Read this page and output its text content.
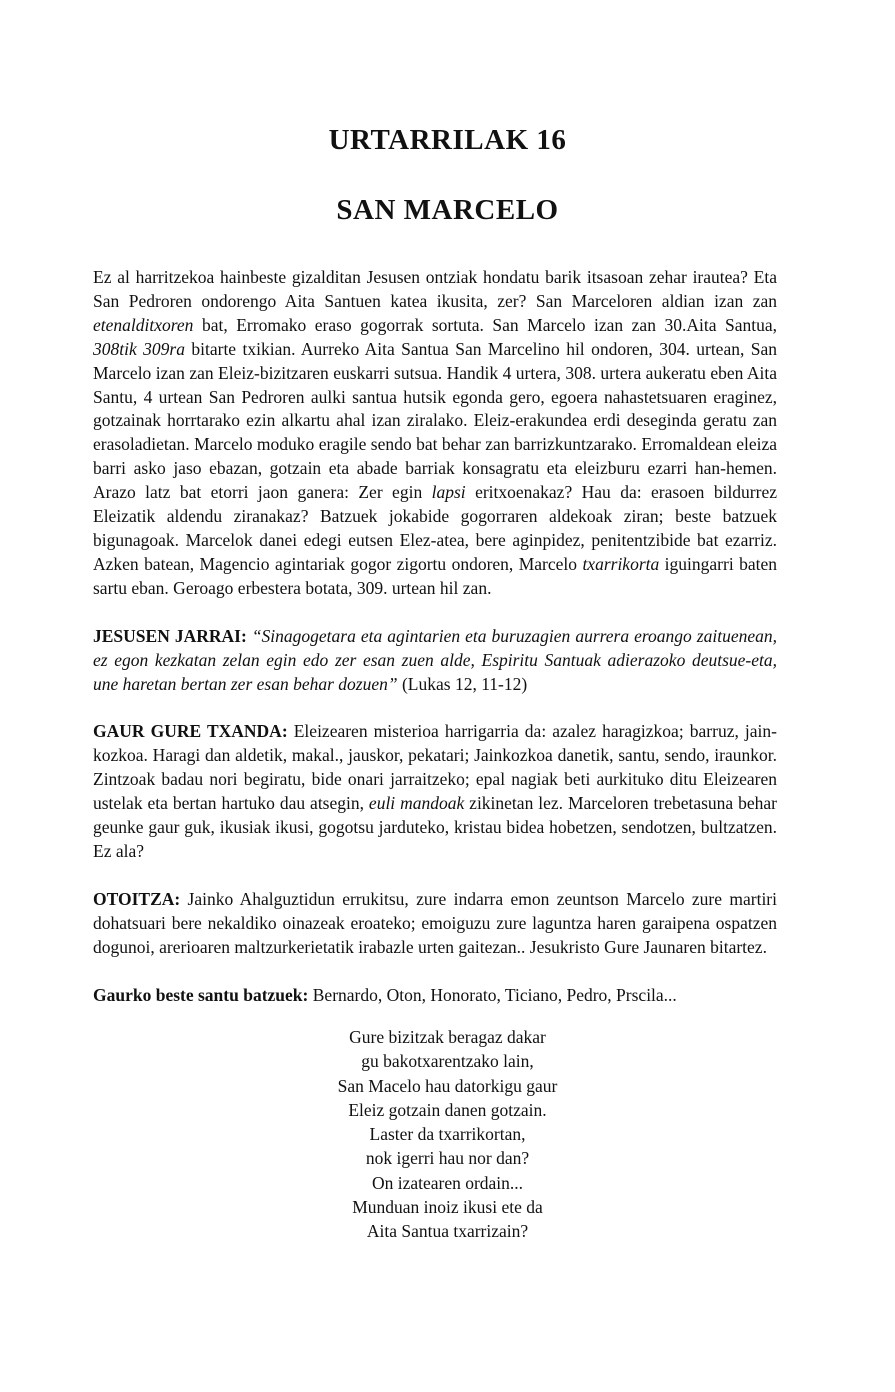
URTARRILAK 16
SAN MARCELO

Ez al harritzekoa hainbeste gizalditan Jesusen ontziak hondatu barik itsasoan zehar irautea? Eta San Pedroren ondorengo Aita Santuen katea ikusita, zer? San Marceloren aldian izan zan etenalditxoren bat, Erromako eraso gogorrak sortuta. San Marcelo izan zan 30.Aita Santua, 308tik 309ra bitarte txikian. Aurreko Aita Santua San Marcelino hil ondoren, 304. urtean, San Marcelo izan zan Eleiz-bizitzaren euskarri sutsua. Handik 4 urtera, 308. urtera aukeratu eben Aita Santu, 4 urtean San Pedroren aulki santua hutsik egonda gero, egoera nahastetsuaren eraginez, gotzainak horrtarako ezin alkartu ahal izan ziralako. Eleiz-erakundea erdi deseginda geratu zan erasoladietan. Marcelo moduko eragile sendo bat behar zan barrizkuntzarako. Erromaldean eleiza barri asko jaso ebazan, gotzain eta abade barriak konsagratu eta eleizburu ezarri han-hemen. Arazo latz bat etorri jaon ganera: Zer egin lapsi eritxoenakaz? Hau da: erasoen bildurrez Eleizatik aldendu ziranakaz? Batzuek jokabide gogorraren aldekoak ziran; beste batzuek bigunagoak. Marcelok danei edegi eutsen Elez-atea, bere aginpidez, penitentzibide bat ezarriz. Azken batean, Magencio agintariak gogor zigortu ondoren, Marcelo txarrikorta iguingarri baten sartu eban. Geroago erbestera botata, 309. urtean hil zan.

JESUSEN JARRAI: “Sinagogetara eta agintarien eta buruzagien aurrera eroango zaituenean, ez egon kezkatan zelan egin edo zer esan zuen alde, Espiritu Santuak adierazoko deutsue-eta, une haretan bertan zer esan behar dozuen” (Lukas 12, 11-12)

GAUR GURE TXANDA: Eleizearen misterioa harrigarria da: azalez haragizkoa; barruz, jain-kozkoa. Haragi dan aldetik, makal., jauskor, pekatari; Jainkozkoa danetik, santu, sendo, iraunkor. Zintzoak badau nori begiratu, bide onari jarraitzeko; epal nagiak beti aurkituko ditu Eleizearen ustelak eta bertan hartuko dau atsegin, euli mandoak zikinetan lez. Marceloren trebetasuna behar geunke gaur guk, ikusiak ikusi, gogotsu jarduteko, kristau bidea hobetzen, sendotzen, bultzatzen. Ez ala?

OTOITZA: Jainko Ahalguztidun errukitsu, zure indarra emon zeuntson Marcelo zure martiri dohatsuari bere nekaldiko oinazeak eroateko; emoiguzu zure laguntza haren garaipena ospatzen dogunoi, arerioaren maltzurkerietatik irabazle urten gaitezan.. Jesukristo Gure Jaunaren bitartez.

Gaurko beste santu batzuek: Bernardo, Oton, Honorato, Ticiano, Pedro, Prscila...

Gure bizitzak beragaz dakar
gu bakotxarentzako lain,
San Macelo hau datorkigu gaur
Eleiz gotzain danen gotzain.
Laster da txarrikortan,
nok igerri hau nor dan?
On izatearen ordain...
Munduan inoiz ikusi ete da
Aita Santua txarrizain?
